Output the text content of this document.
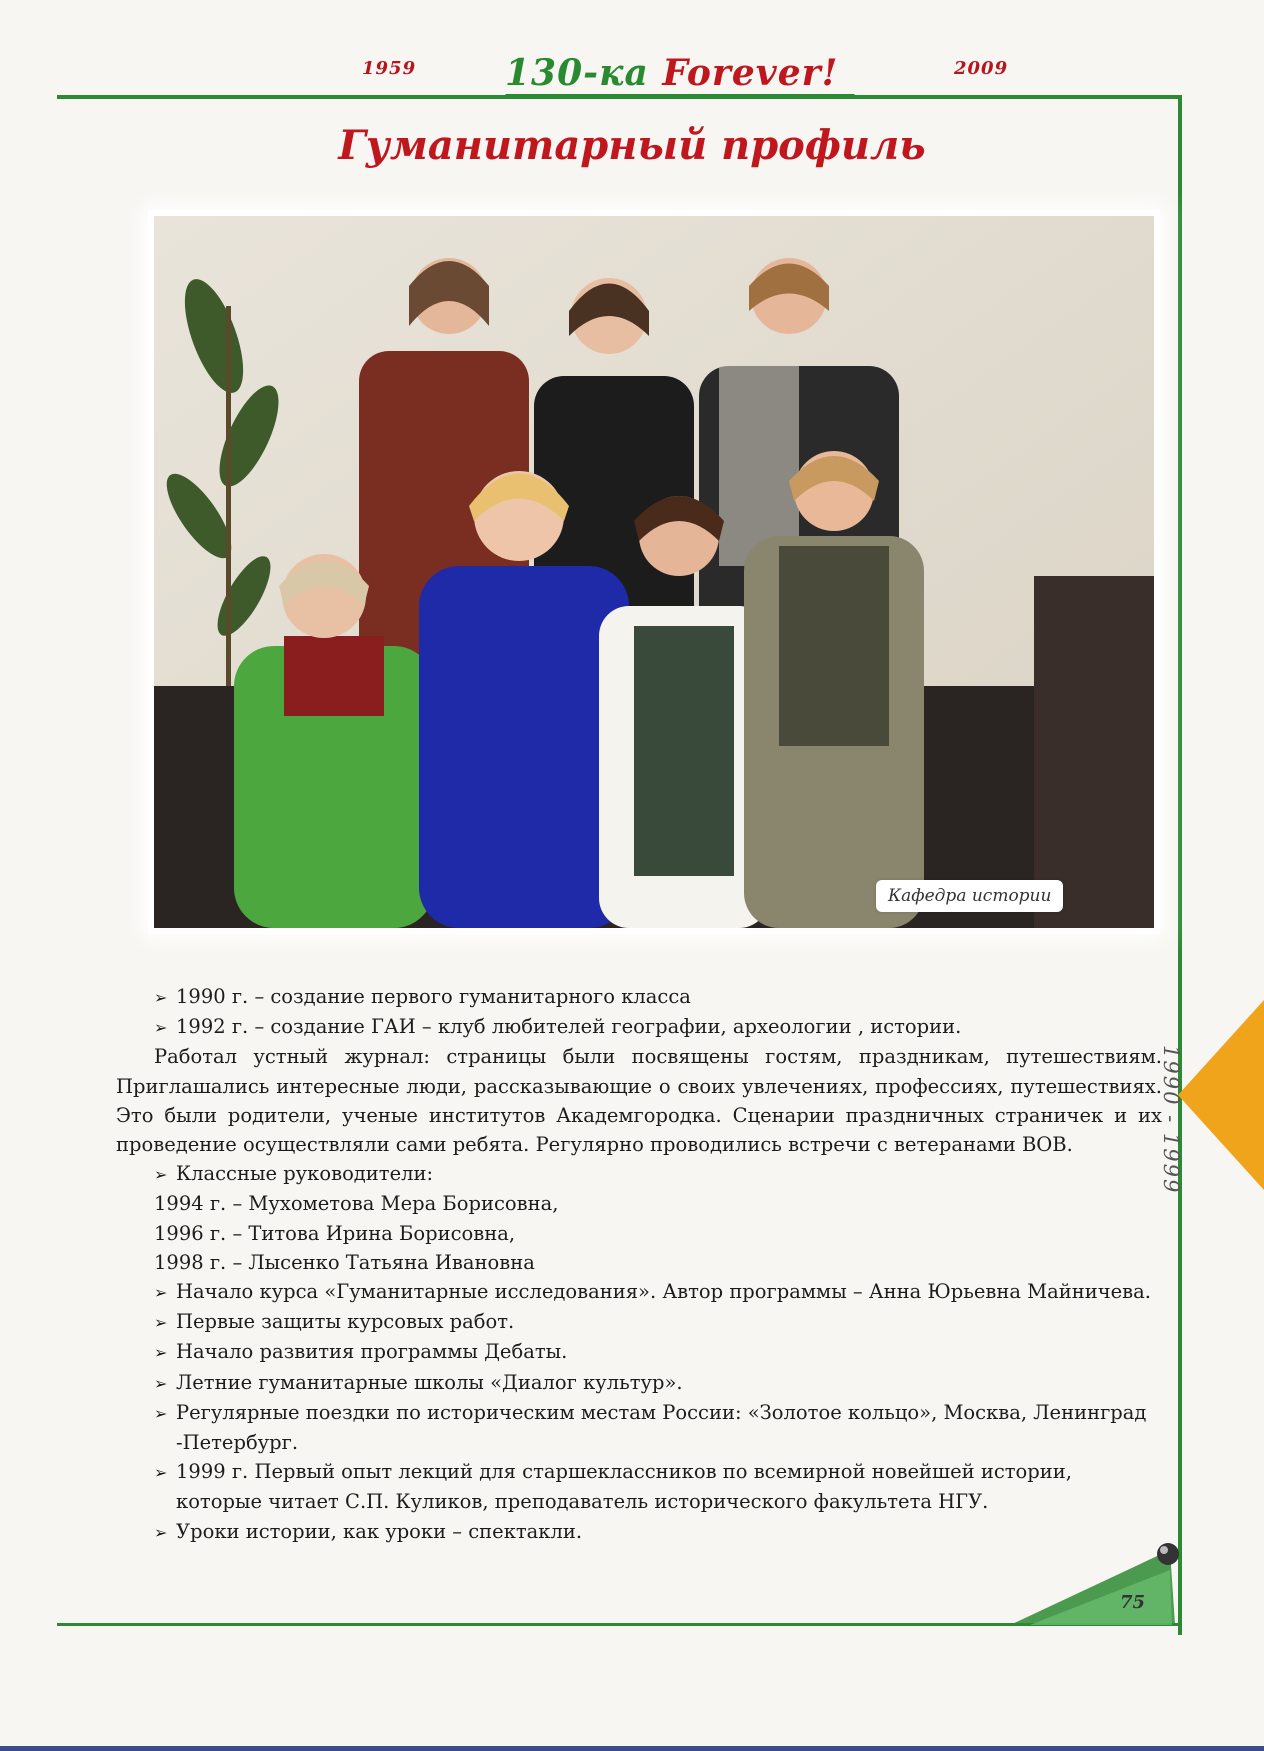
1959	2009
130-ка Forever!
Гуманитарный профиль
Кафедра истории

➢ 1990 г. – создание первого гуманитарного класса

➢ 1992 г. – создание ГАИ – клуб любителей географии, археологии , истории.

Работал устный журнал: страницы были посвящены гостям, праздникам, путешествиям. Приглашались интересные люди, рассказывающие о своих увлечениях, профессиях, путешествиях. Это были родители, ученые институтов Академгородка. Сценарии праздничных страничек и их проведение осуществляли сами ребята. Регулярно проводились встречи с ветеранами ВОВ.

➢ Классные руководители:

1994 г. – Мухометова Мера Борисовна,

1996 г. – Титова Ирина Борисовна,

1998 г. – Лысенко Татьяна Ивановна

➢ Начало курса «Гуманитарные исследования». Автор программы – Анна Юрьевна Майничева.

➢ Первые защиты курсовых работ.

➢ Начало развития программы Дебаты.

➢ Летние гуманитарные школы «Диалог культур».

➢ Регулярные поездки по историческим местам России: «Золотое кольцо», Москва, Ленинград -Петербург.

➢ 1999 г. Первый опыт лекций для старшеклассников по всемирной новейшей истории, которые читает С.П. Куликов, преподаватель исторического факультета НГУ.

➢ Уроки истории, как уроки – спектакли.

1990 - 1999
75
